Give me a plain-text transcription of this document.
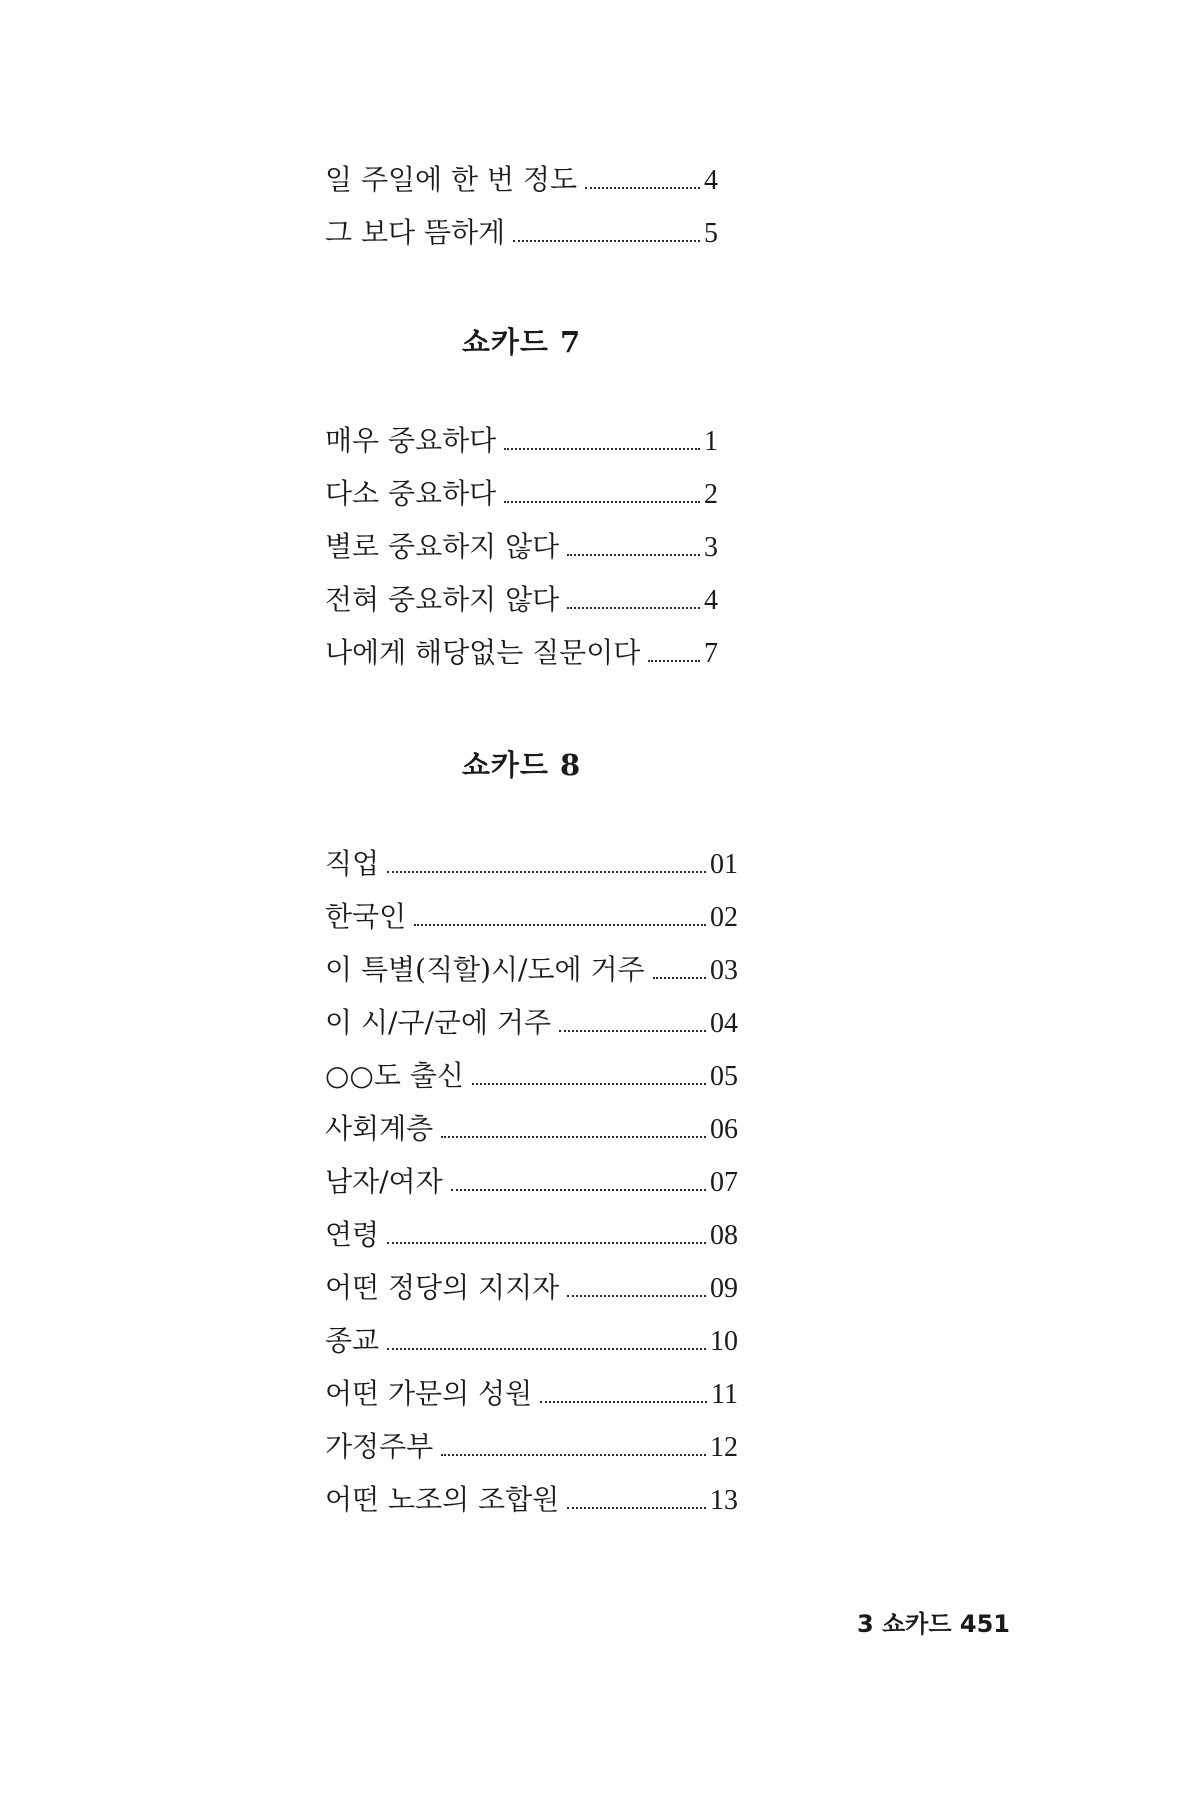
일 주일에 한 번 정도	4
그 보다 뜸하게	5
쇼카드 7
매우 중요하다	1
다소 중요하다	2
별로 중요하지 않다	3
전혀 중요하지 않다	4
나에게 해당없는 질문이다 7
쇼카드 8
직업	01
한국인	02
이 특별(직할)시/도에 거주 03
이 시/구/군에 거주	04
○○도 출신	05
사회계층	06
남자/여자	07
연령	08
어떤 정당의 지지자	09
종교	10
어떤 가문의 성원	11
가정주부	12
어떤 노조의 조합원	13
3 쇼카드 451
